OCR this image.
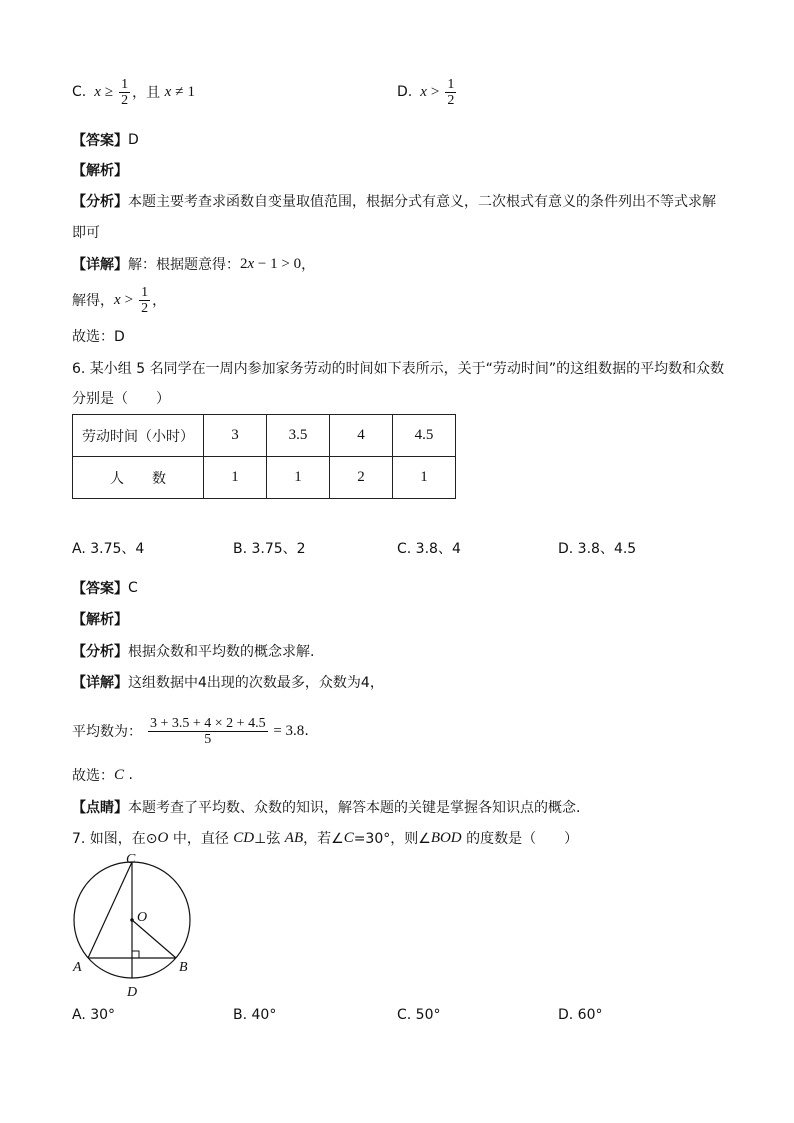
C. $x \ge \frac{1}{2}$ ，且 x ≠ 1	D. $x > \frac{1}{2}$
【答案】 D
【解析】
【分析】 本题主要考查求函数自变量取值范围，根据分式有意义，二次根式有意义的条件列出不等式求解
即可
【详解】 解：根据题意得： 2 x − 1 > 0 ，
解得， $x > \frac{1}{2}$ ，
故选：D
6. 某小组 5 名同学在一周内参加家务劳动的时间如下表所示，关于“劳动时间”的这组数据的平均数和众数
分别是（　　）
劳动时间（小时）	3	3.5	4	4.5
人　　数	1	1	2	1
A. 3.75、4	B. 3.75、2	C. 3.8、4	D. 3.8、4.5
【答案】 C
【解析】
【分析】 根据众数和平均数的概念求解.
【详解】 这组数据中4出现的次数最多，众数为4，
平均数为： $\frac{3 + 3.5 + 4 \times 2 + 4.5}{5} = 3.8$ .
故选： C .
【点睛】 本题考查了平均数、众数的知识，解答本题的关键是掌握各知识点的概念.
7. 如图，在⊙ O 中，直径 CD ⊥弦 AB ，若∠ C =30°，则∠ BOD 的度数是（　　）
C
O
A	B
D
A. 30°	B. 40°	C. 50°	D. 60°
